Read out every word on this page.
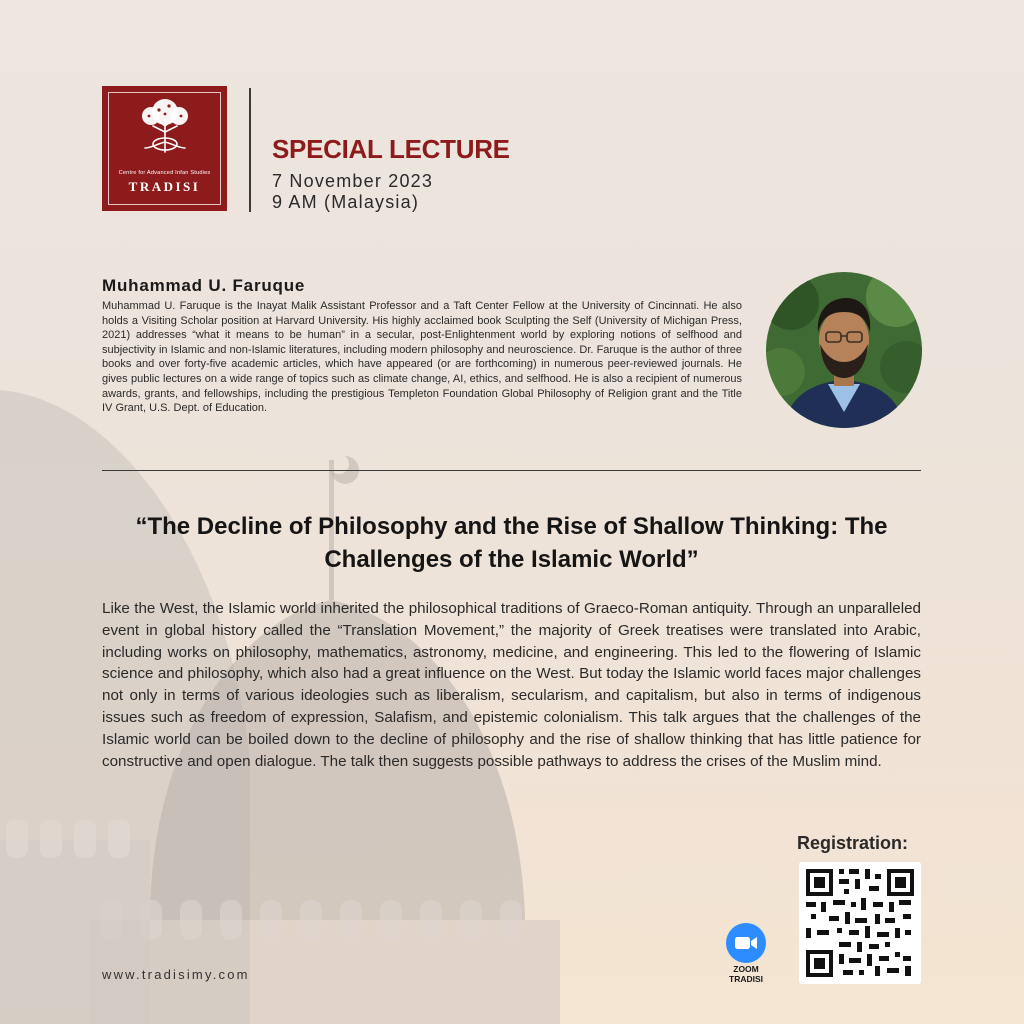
Centre for Advanced Infan Studies
TRADISI
SPECIAL LECTURE
7 November 2023
9 AM (Malaysia)
Muhammad U. Faruque
Muhammad U. Faruque is the Inayat Malik Assistant Professor and a Taft Center Fellow at the University of Cincinnati. He also holds a Visiting Scholar position at Harvard University. His highly acclaimed book Sculpting the Self (University of Michigan Press, 2021) addresses “what it means to be human” in a secular, post-Enlightenment world by exploring notions of selfhood and subjectivity in Islamic and non-Islamic literatures, including modern philosophy and neuroscience. Dr. Faruque is the author of three books and over forty-five academic articles, which have appeared (or are forthcoming) in numerous peer-reviewed journals. He gives public lectures on a wide range of topics such as climate change, AI, ethics, and selfhood. He is also a recipient of numerous awards, grants, and fellowships, including the prestigious Templeton Foundation Global Philosophy of Religion grant and the Title IV Grant, U.S. Dept. of Education.
“The Decline of Philosophy and the Rise of Shallow Thinking: The Challenges of the Islamic World”
Like the West, the Islamic world inherited the philosophical traditions of Graeco-Roman antiquity. Through an unparalleled event in global history called the “Translation Movement,” the majority of Greek treatises were translated into Arabic, including works on philosophy, mathematics, astronomy, medicine, and engineering. This led to the flowering of Islamic science and philosophy, which also had a great influence on the West. But today the Islamic world faces major challenges not only in terms of various ideologies such as liberalism, secularism, and capitalism, but also in terms of indigenous issues such as freedom of expression, Salafism, and epistemic colonialism. This talk argues that the challenges of the Islamic world can be boiled down to the decline of philosophy and the rise of shallow thinking that has little patience for constructive and open dialogue. The talk then suggests possible pathways to address the crises of the Muslim mind.
www.tradisimy.com	ZOOM
TRADISI
Registration:
